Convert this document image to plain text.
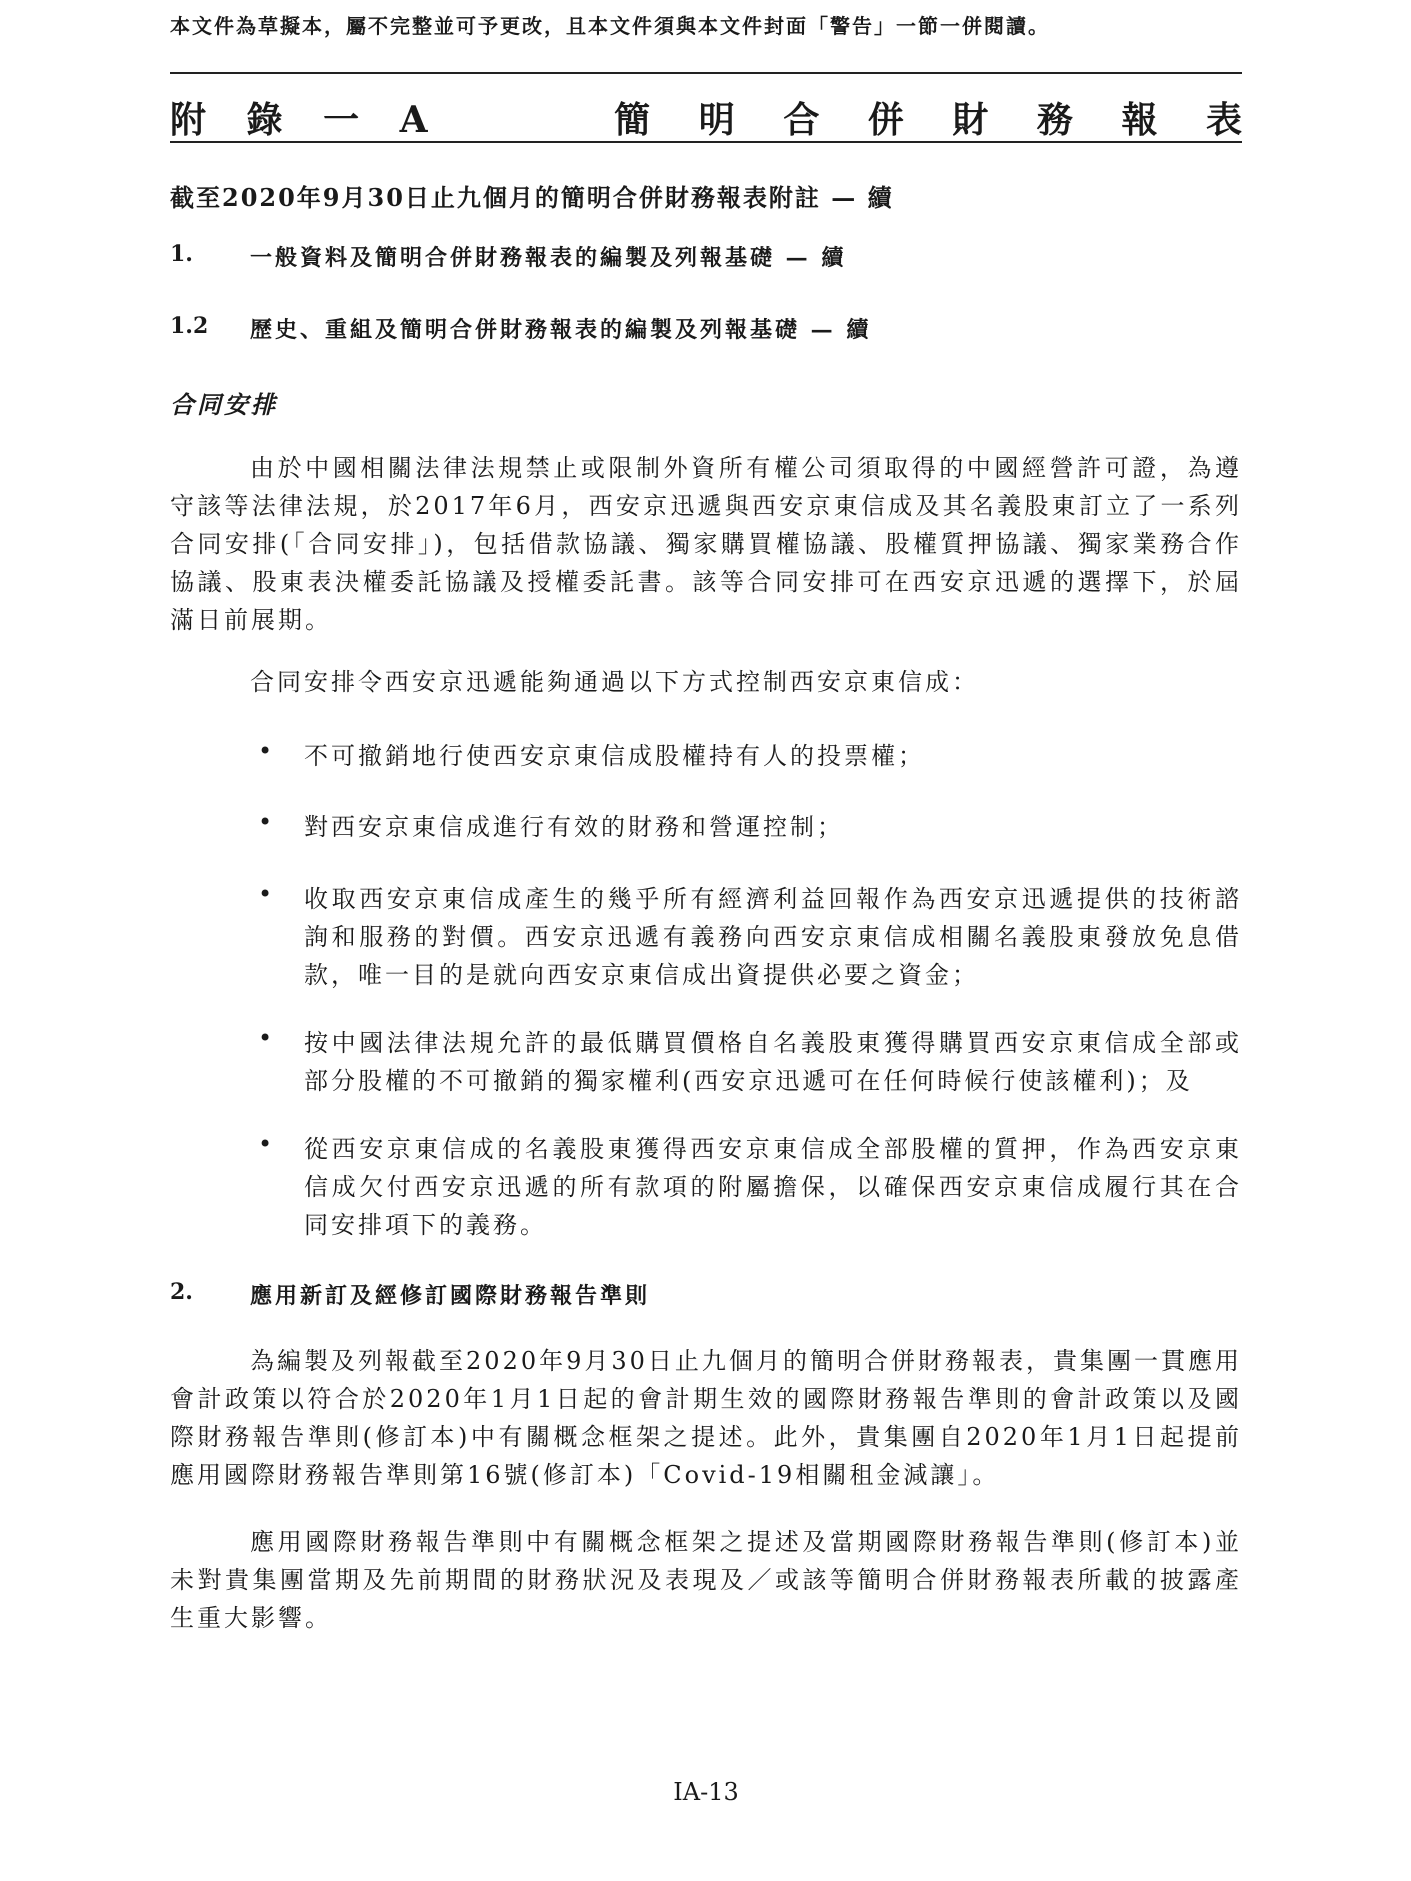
本文件為草擬本，屬不完整並可予更改，且本文件須與本文件封面「警告」一節一併閱讀。
附 錄 一 A	簡 明 合 併 財 務 報 表
截至2020年9月30日止九個月的簡明合併財務報表附註 — 續
1.	一般資料及簡明合併財務報表的編製及列報基礎 — 續
1.2 歷史、重組及簡明合併財務報表的編製及列報基礎 — 續
合同安排
由於中國相關法律法規禁止或限制外資所有權公司須取得的中國經營許可證，為遵守該等法律法規，於2017年6月，西安京迅遞與西安京東信成及其名義股東訂立了一系列合同安排(「合同安排」)，包括借款協議、獨家購買權協議、股權質押協議、獨家業務合作協議、股東表決權委託協議及授權委託書。該等合同安排可在西安京迅遞的選擇下，於屆滿日前展期。
合同安排令西安京迅遞能夠通過以下方式控制西安京東信成：
• 不可撤銷地行使西安京東信成股權持有人的投票權；
• 對西安京東信成進行有效的財務和營運控制；
• 收取西安京東信成產生的幾乎所有經濟利益回報作為西安京迅遞提供的技術諮詢和服務的對價。西安京迅遞有義務向西安京東信成相關名義股東發放免息借款，唯一目的是就向西安京東信成出資提供必要之資金；
• 按中國法律法規允許的最低購買價格自名義股東獲得購買西安京東信成全部或部分股權的不可撤銷的獨家權利(西安京迅遞可在任何時候行使該權利)；及
• 從西安京東信成的名義股東獲得西安京東信成全部股權的質押，作為西安京東信成欠付西安京迅遞的所有款項的附屬擔保，以確保西安京東信成履行其在合同安排項下的義務。
2.	應用新訂及經修訂國際財務報告準則
為編製及列報截至2020年9月30日止九個月的簡明合併財務報表，貴集團一貫應用會計政策以符合於2020年1月1日起的會計期生效的國際財務報告準則的會計政策以及國際財務報告準則(修訂本)中有關概念框架之提述。此外，貴集團自2020年1月1日起提前應用國際財務報告準則第16號(修訂本)「Covid-19相關租金減讓」。
應用國際財務報告準則中有關概念框架之提述及當期國際財務報告準則(修訂本)並未對貴集團當期及先前期間的財務狀況及表現及／或該等簡明合併財務報表所載的披露產生重大影響。
IA-13
